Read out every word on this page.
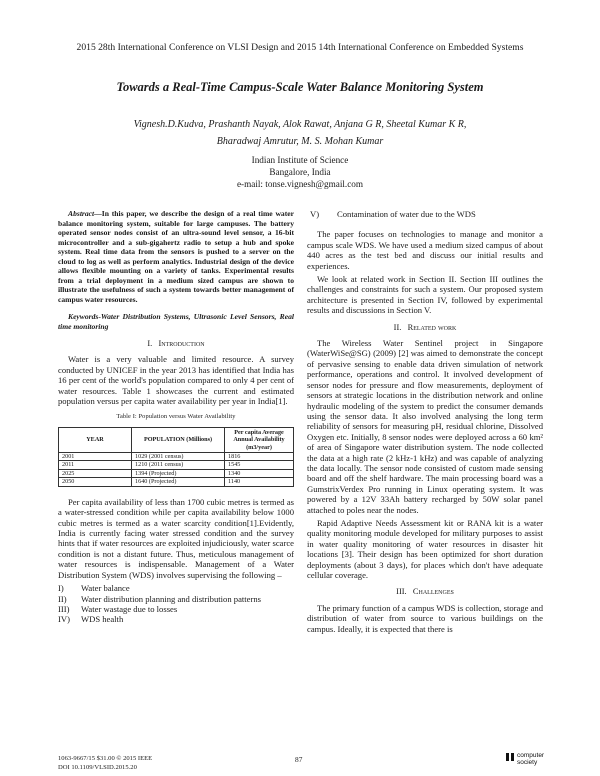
2015 28th International Conference on VLSI Design and 2015 14th International Conference on Embedded Systems
Towards a Real-Time Campus-Scale Water Balance Monitoring System
Vignesh.D.Kudva, Prashanth Nayak, Alok Rawat, Anjana G R, Sheetal Kumar K R,
Bharadwaj Amrutur, M. S. Mohan Kumar
Indian Institute of Science
Bangalore, India
e-mail: tonse.vignesh@gmail.com

Abstract—In this paper, we describe the design of a real time water balance monitoring system, suitable for large campuses. The battery operated sensor nodes consist of an ultra-sound level sensor, a 16-bit microcontroller and a sub-gigahertz radio to setup a hub and spoke system. Real time data from the sensors is pushed to a server on the cloud to log as well as perform analytics. Industrial design of the device allows flexible mounting on a variety of tanks. Experimental results from a trial deployment in a medium sized campus are shown to illustrate the usefulness of such a system towards better management of campus water resources.

Keywords-Water Distribution Systems, Ultrasonic Level Sensors, Real time monitoring

I. Introduction

Water is a very valuable and limited resource. A survey conducted by UNICEF in the year 2013 has identified that India has 16 per cent of the world's population compared to only 4 per cent of water resources. Table 1 showcases the current and estimated population versus per capita water availability per year in India[1].

Table I: Population versus Water Availability
YEAR	POPULATION (Millions)	Per capita Average Annual Availability (m3/year)
2001	1029 (2001 census)	1816
2011	1210 (2011 census)	1545
2025	1394 (Projected)	1340
2050	1640 (Projected)	1140

Per capita availability of less than 1700 cubic metres is termed as a water-stressed condition while per capita availability below 1000 cubic metres is termed as a water scarcity condition[1].Evidently, India is currently facing water stressed condition and the survey hints that if water resources are exploited injudiciously, water scarce condition is not a distant future. Thus, meticulous management of water resources is indispensable. Management of a Water Distribution System (WDS) involves supervising the following –

I)	Water balance
II)	Water distribution planning and distribution patterns
III)	Water wastage due to losses
IV)	WDS health
V)	Contamination of water due to the WDS

The paper focuses on technologies to manage and monitor a campus scale WDS. We have used a medium sized campus of about 440 acres as the test bed and discuss our initial results and experiences.

We look at related work in Section II. Section III outlines the challenges and constraints for such a system. Our proposed system architecture is presented in Section IV, followed by experimental results and discussions in Section V.

II. Related work

The Wireless Water Sentinel project in Singapore (WaterWiSe@SG) (2009) [2] was aimed to demonstrate the concept of pervasive sensing to enable data driven simulation of network performance, operations and control. It involved development of sensor nodes for pressure and flow measurements, deployment of sensors at strategic locations in the distribution network and online hydraulic modeling of the system to predict the consumer demands using the sensor data. It also involved analysing the long term reliability of sensors for measuring pH, residual chlorine, Dissolved Oxygen etc. Initially, 8 sensor nodes were deployed across a 60 km² of area of Singapore water distribution system. The node collected the data at a high rate (2 kHz-1 kHz) and was capable of analyzing the data locally. The sensor node consisted of custom made sensing board and off the shelf hardware. The main processing board was a GumstrixVerdex Pro running in Linux operating system. It was powered by a 12V 33Ah battery recharged by 50W solar panel attached to poles near the nodes.

Rapid Adaptive Needs Assessment kit or RANA kit is a water quality monitoring module developed for military purposes to assist in water quality monitoring of water resources in disaster hit locations [3]. Their design has been optimized for short duration deployments (about 3 days), for places which don't have adequate cellular coverage.

III. Challenges

The primary function of a campus WDS is collection, storage and distribution of water from source to various buildings on the campus. Ideally, it is expected that there is

1063-9667/15 $31.00 © 2015 IEEE
DOI 10.1109/VLSID.2015.20
87	computer
society
